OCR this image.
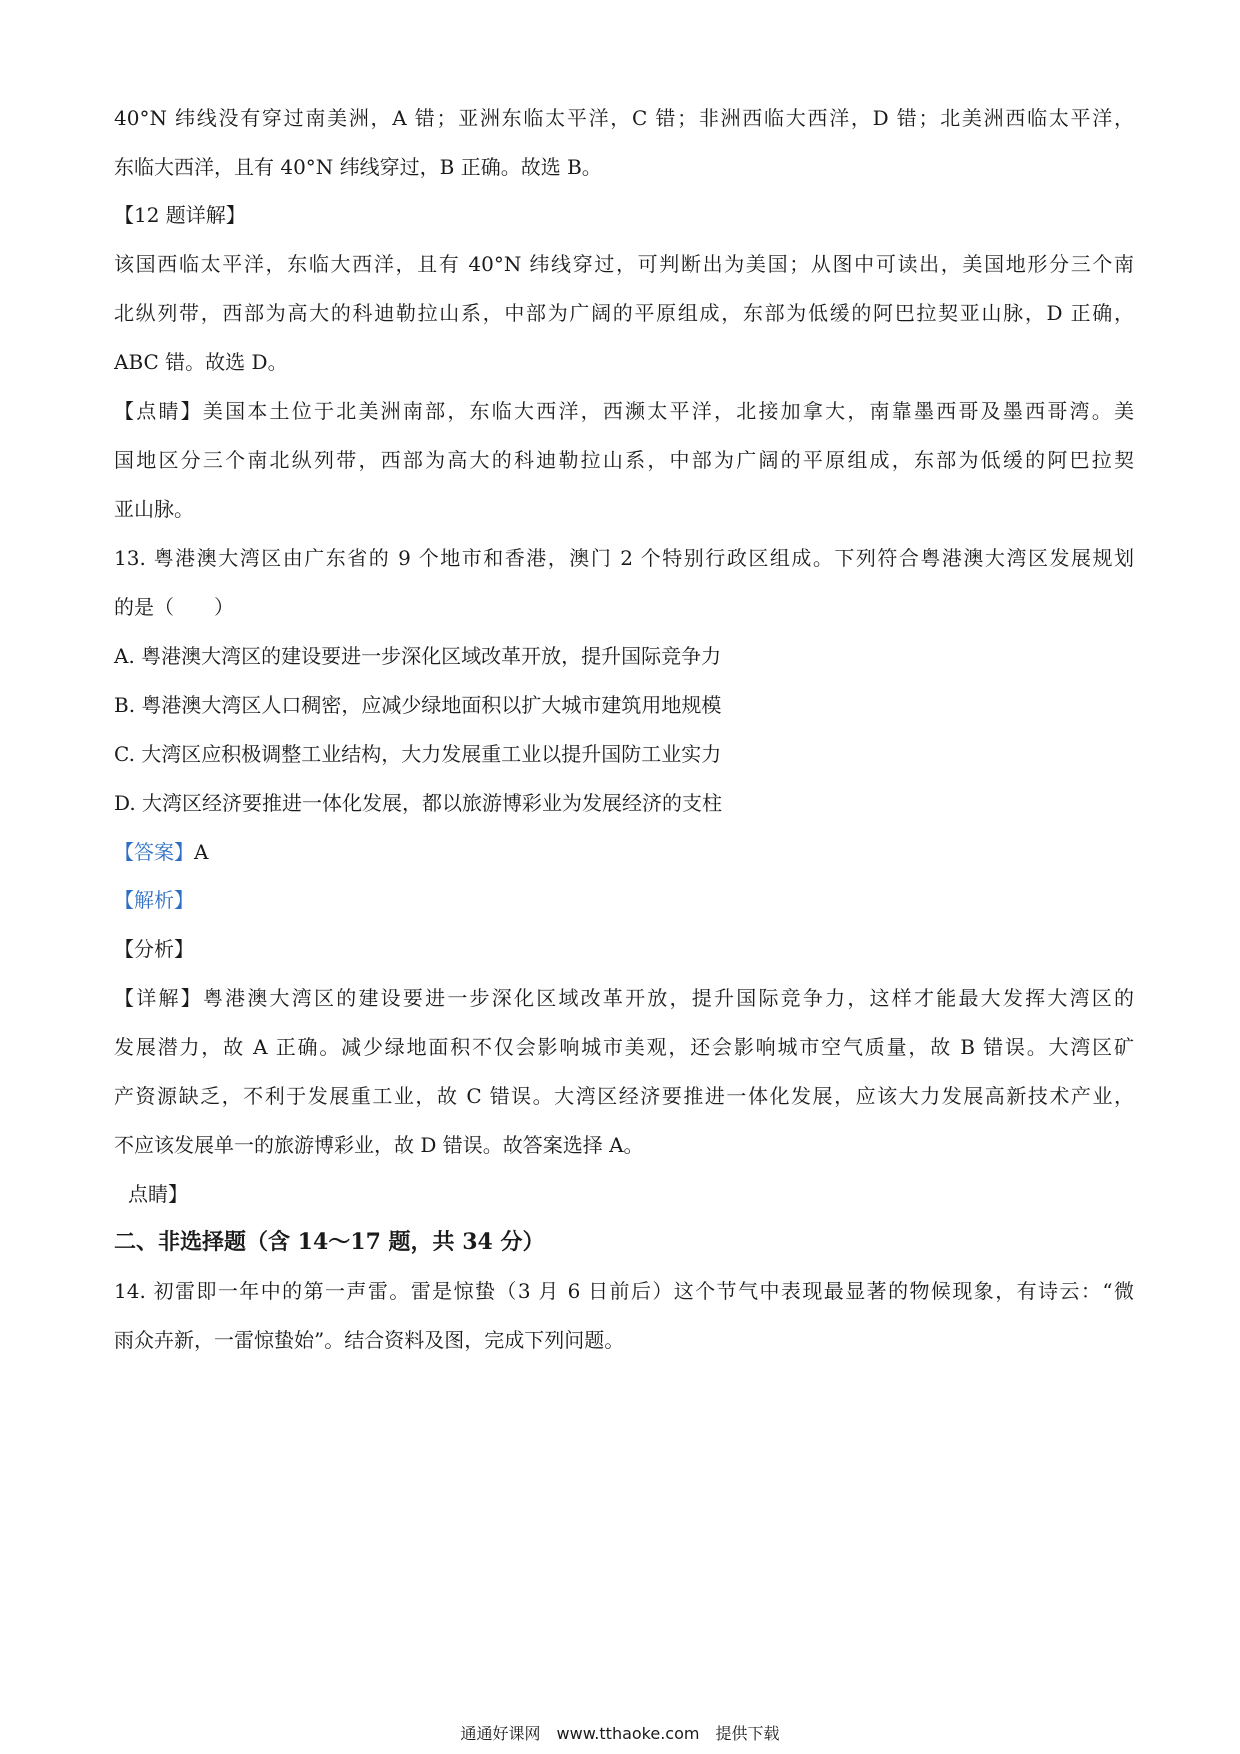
40°N 纬线没有穿过南美洲，A 错；亚洲东临太平洋，C 错；非洲西临大西洋，D 错；北美洲西临太平洋，
东临大西洋，且有 40°N 纬线穿过，B 正确。故选 B。
【12 题详解】
该国西临太平洋，东临大西洋，且有 40°N 纬线穿过，可判断出为美国；从图中可读出，美国地形分三个南
北纵列带，西部为高大的科迪勒拉山系，中部为广阔的平原组成，东部为低缓的阿巴拉契亚山脉，D 正确，
ABC 错。故选 D。
【点睛】美国本土位于北美洲南部，东临大西洋，西濒太平洋，北接加拿大，南靠墨西哥及墨西哥湾。美
国地区分三个南北纵列带，西部为高大的科迪勒拉山系，中部为广阔的平原组成，东部为低缓的阿巴拉契
亚山脉。
13. 粤港澳大湾区由广东省的 9 个地市和香港，澳门 2 个特别行政区组成。下列符合粤港澳大湾区发展规划
的是（　　）
A. 粤港澳大湾区的建设要进一步深化区域改革开放，提升国际竞争力
B. 粤港澳大湾区人口稠密，应减少绿地面积以扩大城市建筑用地规模
C. 大湾区应积极调整工业结构，大力发展重工业以提升国防工业实力
D. 大湾区经济要推进一体化发展，都以旅游博彩业为发展经济的支柱
【答案】A
【解析】
【分析】
【详解】粤港澳大湾区的建设要进一步深化区域改革开放，提升国际竞争力，这样才能最大发挥大湾区的
发展潜力，故 A 正确。减少绿地面积不仅会影响城市美观，还会影响城市空气质量，故 B 错误。大湾区矿
产资源缺乏，不利于发展重工业，故 C 错误。大湾区经济要推进一体化发展，应该大力发展高新技术产业，
不应该发展单一的旅游博彩业，故 D 错误。故答案选择 A。
点睛】
二、非选择题（含 14～17 题，共 34 分）
14. 初雷即一年中的第一声雷。雷是惊蛰（3 月 6 日前后）这个节气中表现最显著的物候现象，有诗云：“微
雨众卉新，一雷惊蛰始”。结合资料及图，完成下列问题。
通通好课网　www.tthaoke.com　提供下载
